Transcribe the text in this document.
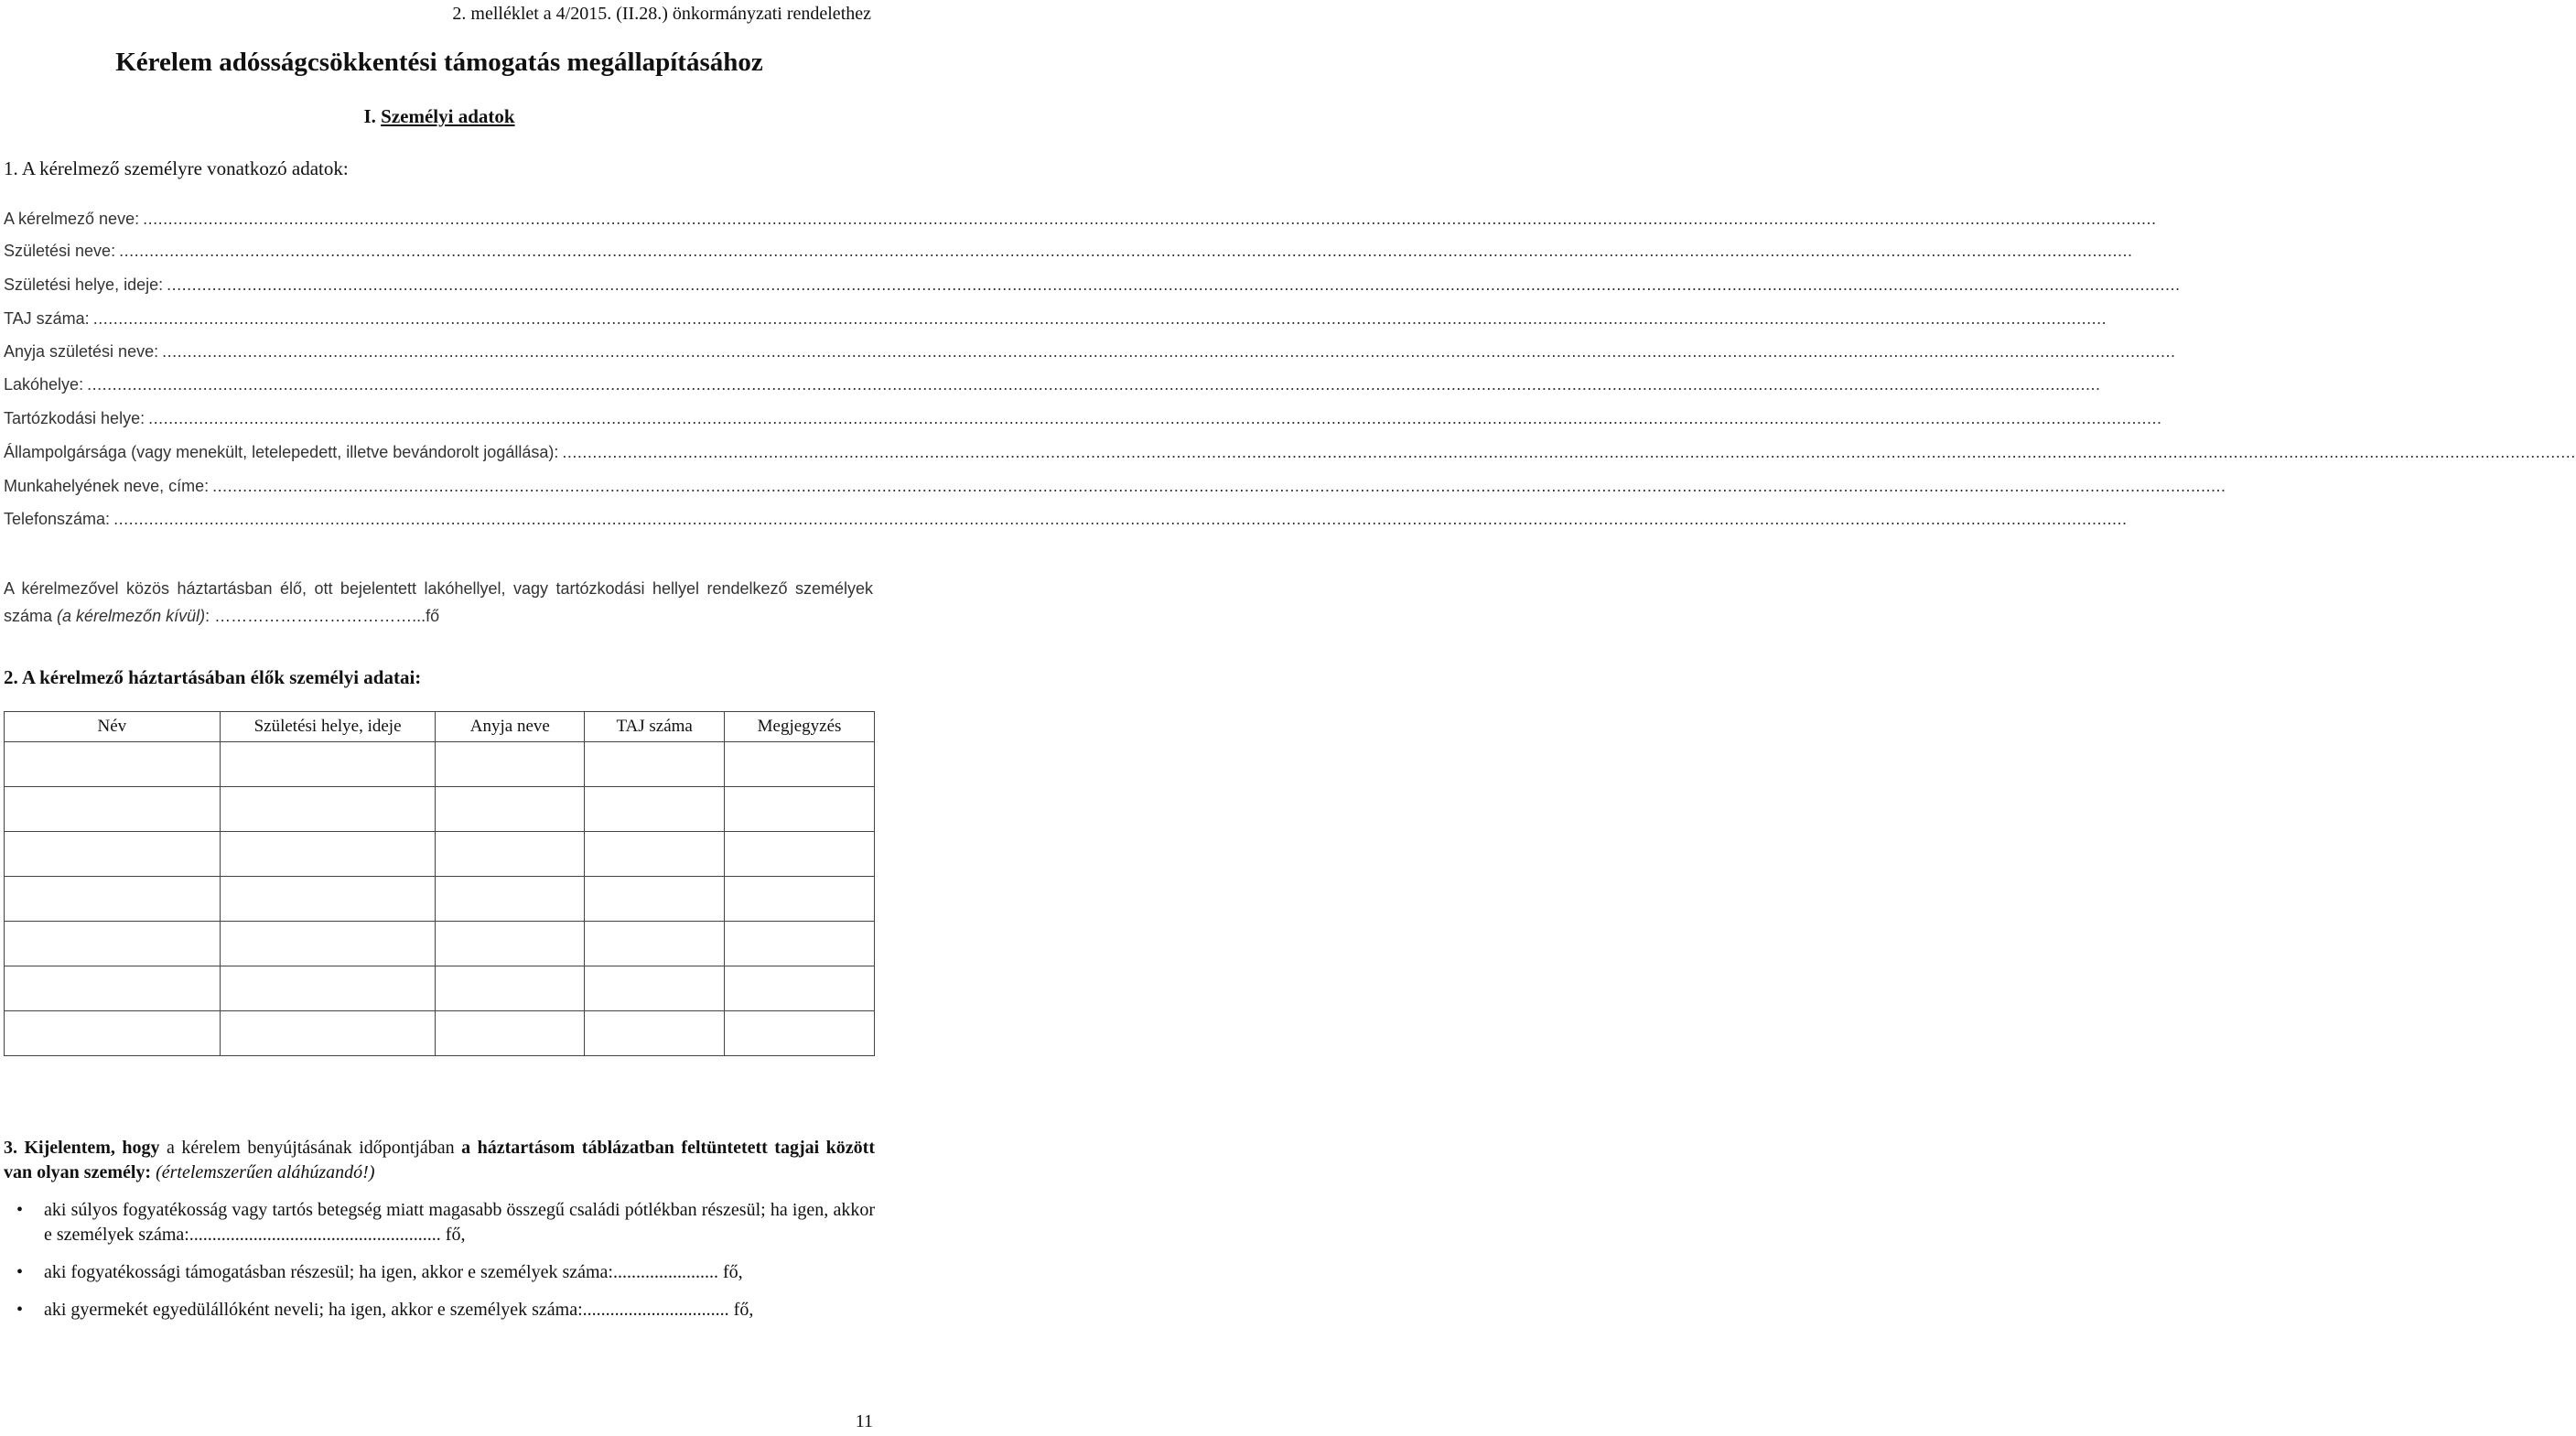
2. melléklet a 4/2015. (II.28.) önkormányzati rendelethez
Kérelem adósságcsökkentési támogatás megállapításához
I. Személyi adatok
1. A kérelmező személyre vonatkozó adatok:
A kérelmező neve: ................................................................................................................................................................................................................................................................................................................................................................................................................
Születési neve: ................................................................................................................................................................................................................................................................................................................................................................................................................
Születési helye, ideje: ................................................................................................................................................................................................................................................................................................................................................................................................................
TAJ száma: ................................................................................................................................................................................................................................................................................................................................................................................................................
Anyja születési neve: ................................................................................................................................................................................................................................................................................................................................................................................................................
Lakóhelye: ................................................................................................................................................................................................................................................................................................................................................................................................................
Tartózkodási helye: ................................................................................................................................................................................................................................................................................................................................................................................................................
Állampolgársága (vagy menekült, letelepedett, illetve bevándorolt jogállása): ................................................................................................................................................................................................................................................................................................................................................................................................................
Munkahelyének neve, címe: ................................................................................................................................................................................................................................................................................................................................................................................................................
Telefonszáma: ................................................................................................................................................................................................................................................................................................................................................................................................................
A kérelmezővel közös háztartásban élő, ott bejelentett lakóhellyel, vagy tartózkodási hellyel rendelkező személyek száma (a kérelmezőn kívül): ………………………………...fő
2. A kérelmező háztartásában élők személyi adatai:
Név	Születési helye, ideje	Anyja neve	TAJ száma	Megjegyzés

3. Kijelentem, hogy a kérelem benyújtásának időpontjában a háztartásom táblázatban feltüntetett tagjai között van olyan személy: (értelemszerűen aláhúzandó!)
• aki súlyos fogyatékosság vagy tartós betegség miatt magasabb összegű családi pótlékban részesül; ha igen, akkor e személyek száma:....................................................... fő,
• aki fogyatékossági támogatásban részesül; ha igen, akkor e személyek száma:....................... fő,
• aki gyermekét egyedülállóként neveli; ha igen, akkor e személyek száma:................................ fő,
11
